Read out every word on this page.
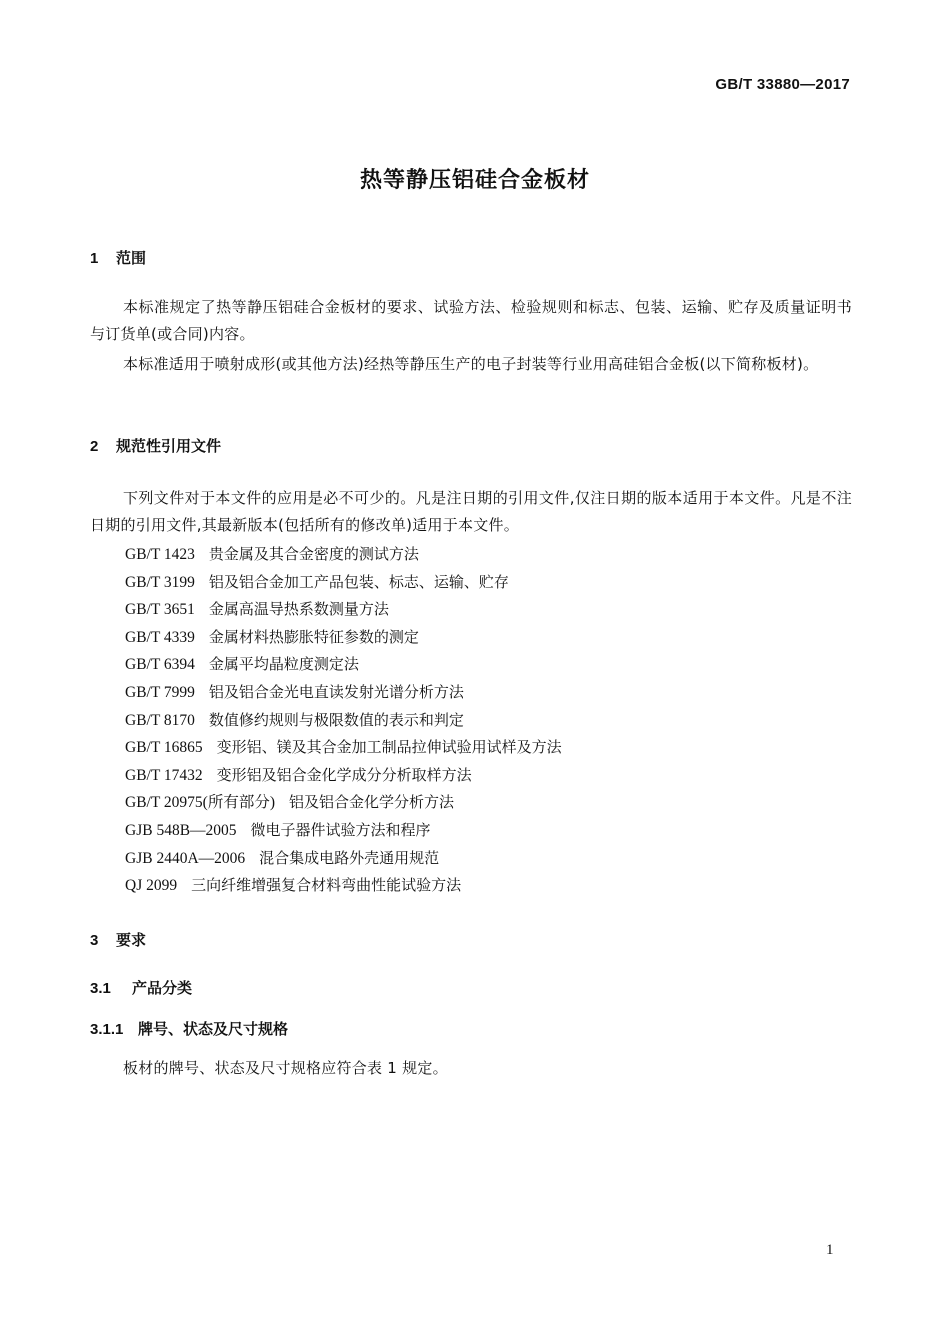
GB/T 33880—2017
热等静压铝硅合金板材
1 范围
本标准规定了热等静压铝硅合金板材的要求、试验方法、检验规则和标志、包装、运输、贮存及质量证明书与订货单(或合同)内容。
本标准适用于喷射成形(或其他方法)经热等静压生产的电子封装等行业用高硅铝合金板(以下简称板材)。
2 规范性引用文件
下列文件对于本文件的应用是必不可少的。凡是注日期的引用文件,仅注日期的版本适用于本文件。凡是不注日期的引用文件,其最新版本(包括所有的修改单)适用于本文件。
GB/T 1423 贵金属及其合金密度的测试方法
GB/T 3199 铝及铝合金加工产品包装、标志、运输、贮存
GB/T 3651 金属高温导热系数测量方法
GB/T 4339 金属材料热膨胀特征参数的测定
GB/T 6394 金属平均晶粒度测定法
GB/T 7999 铝及铝合金光电直读发射光谱分析方法
GB/T 8170 数值修约规则与极限数值的表示和判定
GB/T 16865 变形铝、镁及其合金加工制品拉伸试验用试样及方法
GB/T 17432 变形铝及铝合金化学成分分析取样方法
GB/T 20975(所有部分) 铝及铝合金化学分析方法
GJB 548B—2005 微电子器件试验方法和程序
GJB 2440A—2006 混合集成电路外壳通用规范
QJ 2099 三向纤维增强复合材料弯曲性能试验方法
3 要求
3.1 产品分类
3.1.1 牌号、状态及尺寸规格
板材的牌号、状态及尺寸规格应符合表 1 规定。
1
